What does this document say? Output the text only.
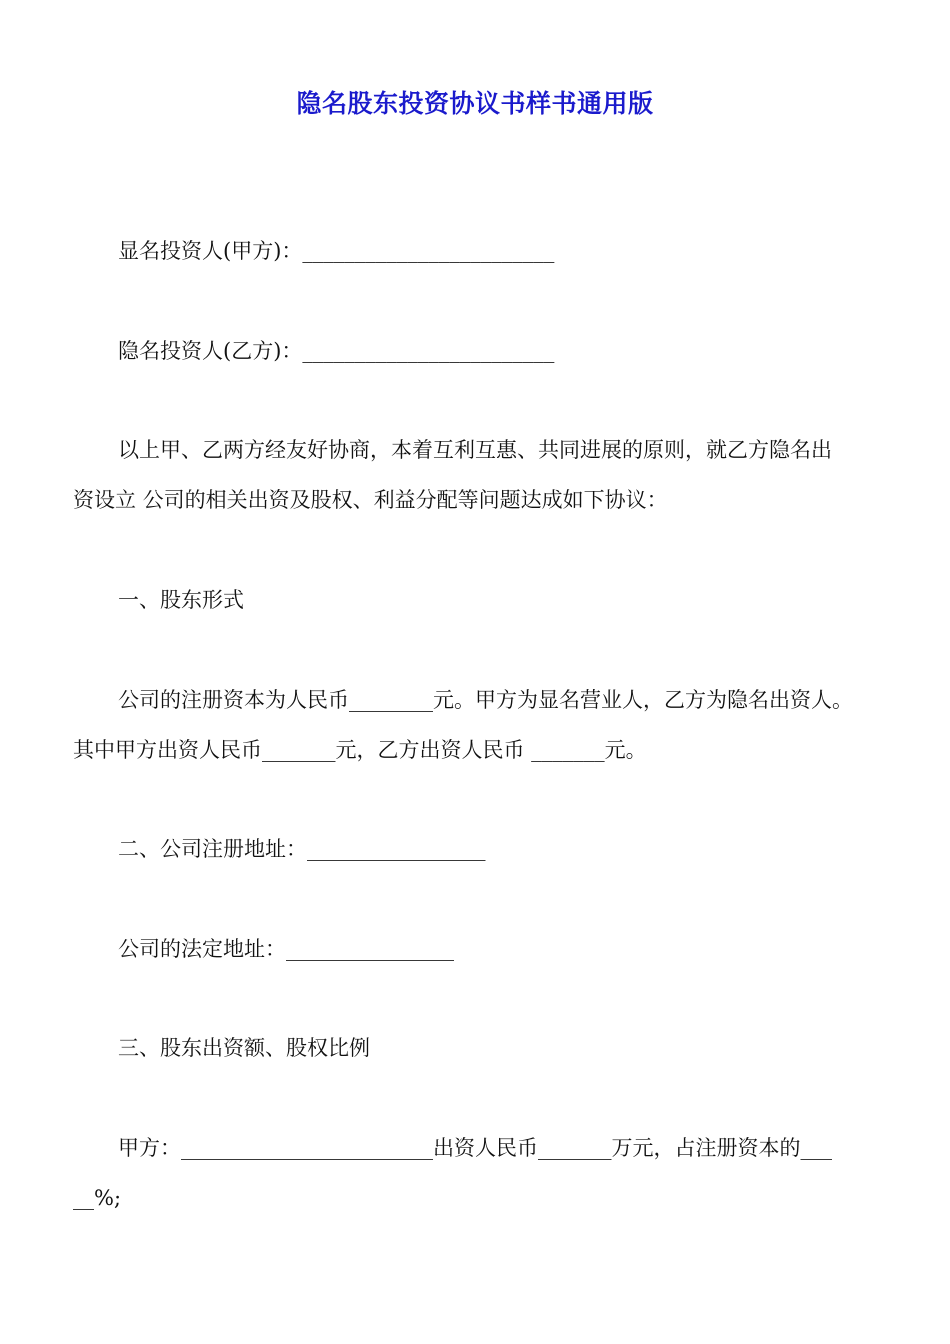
隐名股东投资协议书样书通用版
显名投资人(甲方)：________________________
隐名投资人(乙方)：________________________
以上甲、乙两方经友好协商，本着互利互惠、共同进展的原则，就乙方隐名出
资设立 公司的相关出资及股权、利益分配等问题达成如下协议：
一、股东形式
公司的注册资本为人民币________元。甲方为显名营业人，乙方为隐名出资人。
其中甲方出资人民币_______元，乙方出资人民币 _______元。
二、公司注册地址：_________________
公司的法定地址：________________
三、股东出资额、股权比例
甲方：________________________出资人民币_______万元，占注册资本的___
__%;
